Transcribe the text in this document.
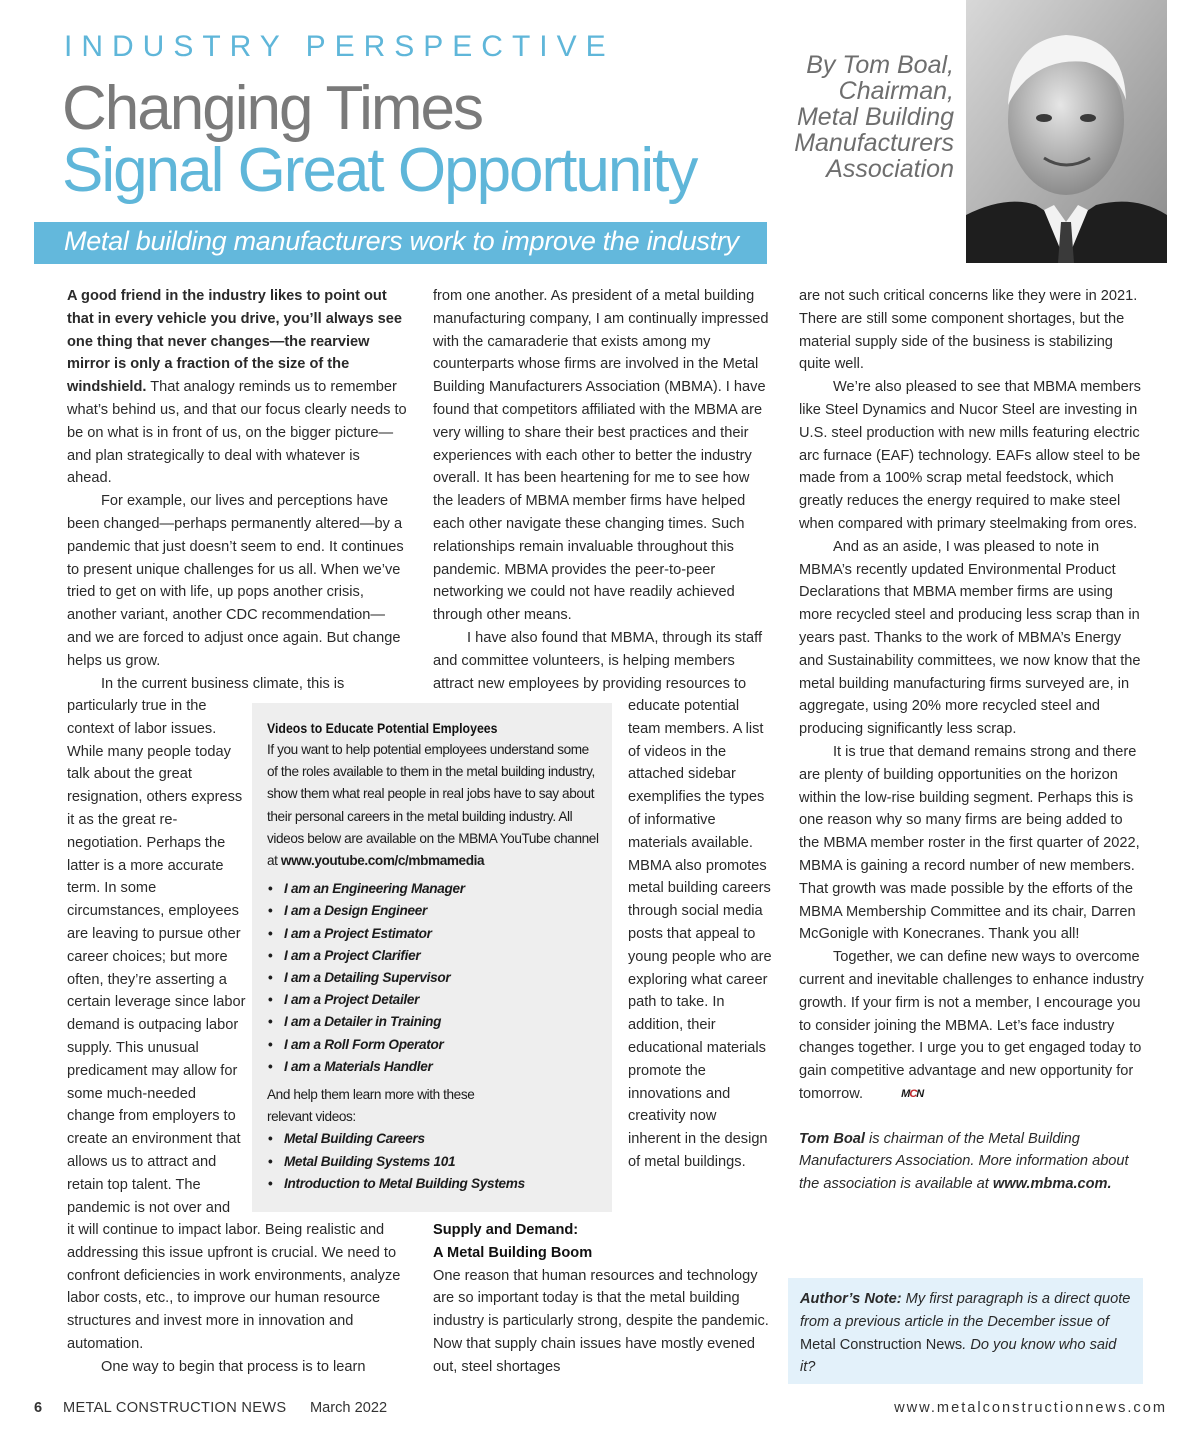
INDUSTRY PERSPECTIVE
Changing Times
Signal Great Opportunity
By Tom Boal,
Chairman,
Metal Building
Manufacturers
Association
Metal building manufacturers work to improve the industry

A good friend in the industry likes to point out that in every vehicle you drive, you’ll always see one thing that never changes—the rearview mirror is only a fraction of the size of the windshield. That analogy reminds us to remember what’s behind us, and that our focus clearly needs to be on what is in front of us, on the bigger picture—and plan strategically to deal with whatever is ahead.

For example, our lives and perceptions have been changed—perhaps permanently altered—by a pandemic that just doesn’t seem to end. It continues to present unique challenges for us all. When we’ve tried to get on with life, up pops another crisis, another variant, another CDC recommendation—and we are forced to adjust once again. But change helps us grow.

In the current business climate, this is

particularly true in the context of labor issues. While many people today talk about the great resignation, others express it as the great re-negotiation. Perhaps the latter is a more accurate term. In some circumstances, employees are leaving to pursue other career choices; but more often, they’re asserting a certain leverage since labor demand is outpacing labor supply. This unusual predicament may allow for some much-needed change from employers to create an environment that allows us to attract and retain top talent. The pandemic is not over and

it will continue to impact labor. Being realistic and addressing this issue upfront is crucial. We need to confront deficiencies in work environments, analyze labor costs, etc., to improve our human resource structures and invest more in innovation and automation.

One way to begin that process is to learn

from one another. As president of a metal building manufacturing company, I am continually impressed with the camaraderie that exists among my counterparts whose firms are involved in the Metal Building Manufacturers Association (MBMA). I have found that competitors affiliated with the MBMA are very willing to share their best practices and their experiences with each other to better the industry overall. It has been heartening for me to see how the leaders of MBMA member firms have helped each other navigate these changing times. Such relationships remain invaluable throughout this pandemic. MBMA provides the peer-to-peer networking we could not have readily achieved through other means.

I have also found that MBMA, through its staff and committee volunteers, is helping members attract new employees by providing resources to

educate potential team members. A list of videos in the attached sidebar exemplifies the types of informative materials available. MBMA also promotes metal building careers through social media posts that appeal to young people who are exploring what career path to take. In addition, their educational materials promote the innovations and creativity now inherent in the design of metal buildings.

Supply and Demand:

A Metal Building Boom

One reason that human resources and technology are so important today is that the metal building industry is particularly strong, despite the pandemic. Now that supply chain issues have mostly evened out, steel shortages

are not such critical concerns like they were in 2021. There are still some component shortages, but the material supply side of the business is stabilizing quite well.

We’re also pleased to see that MBMA members like Steel Dynamics and Nucor Steel are investing in U.S. steel production with new mills featuring electric arc furnace (EAF) technology. EAFs allow steel to be made from a 100% scrap metal feedstock, which greatly reduces the energy required to make steel when compared with primary steelmaking from ores.

And as an aside, I was pleased to note in MBMA’s recently updated Environmental Product Declarations that MBMA member firms are using more recycled steel and producing less scrap than in years past. Thanks to the work of MBMA’s Energy and Sustainability committees, we now know that the metal building manufacturing firms surveyed are, in aggregate, using 20% more recycled steel and producing significantly less scrap.

It is true that demand remains strong and there are plenty of building opportunities on the horizon within the low-rise building segment. Perhaps this is one reason why so many firms are being added to the MBMA member roster in the first quarter of 2022, MBMA is gaining a record number of new members. That growth was made possible by the efforts of the MBMA Membership Committee and its chair, Darren McGonigle with Konecranes. Thank you all!

Together, we can define new ways to overcome current and inevitable challenges to enhance industry growth. If your firm is not a member, I encourage you to consider joining the MBMA. Let’s face industry changes together. I urge you to get engaged today to gain competitive advantage and new opportunity for tomorrow.	MCN

Tom Boal is chairman of the Metal Building Manufacturers Association. More information about the association is available at www.mbma.com.

Videos to Educate Potential Employees
If you want to help potential employees understand some of the roles available to them in the metal building industry, show them what real people in real jobs have to say about their personal careers in the metal building industry. All videos below are available on the MBMA YouTube channel at www.youtube.com/c/mbmamedia
• I am an Engineering Manager
• I am a Design Engineer
• I am a Project Estimator
• I am a Project Clarifier
• I am a Detailing Supervisor
• I am a Project Detailer
• I am a Detailer in Training
• I am a Roll Form Operator
• I am a Materials Handler
And help them learn more with these relevant videos:
• Metal Building Careers
• Metal Building Systems 101
• Introduction to Metal Building Systems

Author’s Note: My first paragraph is a direct quote from a previous article in the December issue of Metal Construction News. Do you know who said it?

6 METAL CONSTRUCTION NEWS March 2022	www.metalconstructionnews.com
